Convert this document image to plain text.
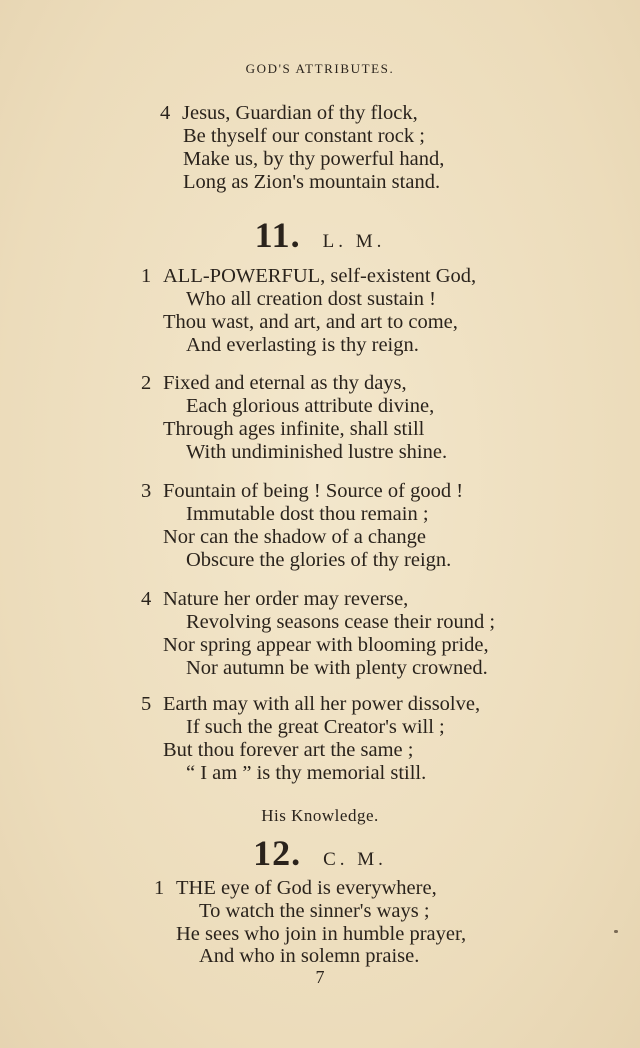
GOD'S ATTRIBUTES.
4 Jesus, Guardian of thy flock,
Be thyself our constant rock ;
Make us, by thy powerful hand,
Long as Zion's mountain stand.
11. L. M.
1 ALL-POWERFUL, self-existent God,
Who all creation dost sustain !
Thou wast, and art, and art to come,
And everlasting is thy reign.
2 Fixed and eternal as thy days,
Each glorious attribute divine,
Through ages infinite, shall still
With undiminished lustre shine.
3 Fountain of being ! Source of good !
Immutable dost thou remain ;
Nor can the shadow of a change
Obscure the glories of thy reign.
4 Nature her order may reverse,
Revolving seasons cease their round ;
Nor spring appear with blooming pride,
Nor autumn be with plenty crowned.
5 Earth may with all her power dissolve,
If such the great Creator's will ;
But thou forever art the same ;
“ I am ” is thy memorial still.
His Knowledge.
12. C. M.
1 THE eye of God is everywhere,
To watch the sinner's ways ;
He sees who join in humble prayer,
And who in solemn praise.
7
